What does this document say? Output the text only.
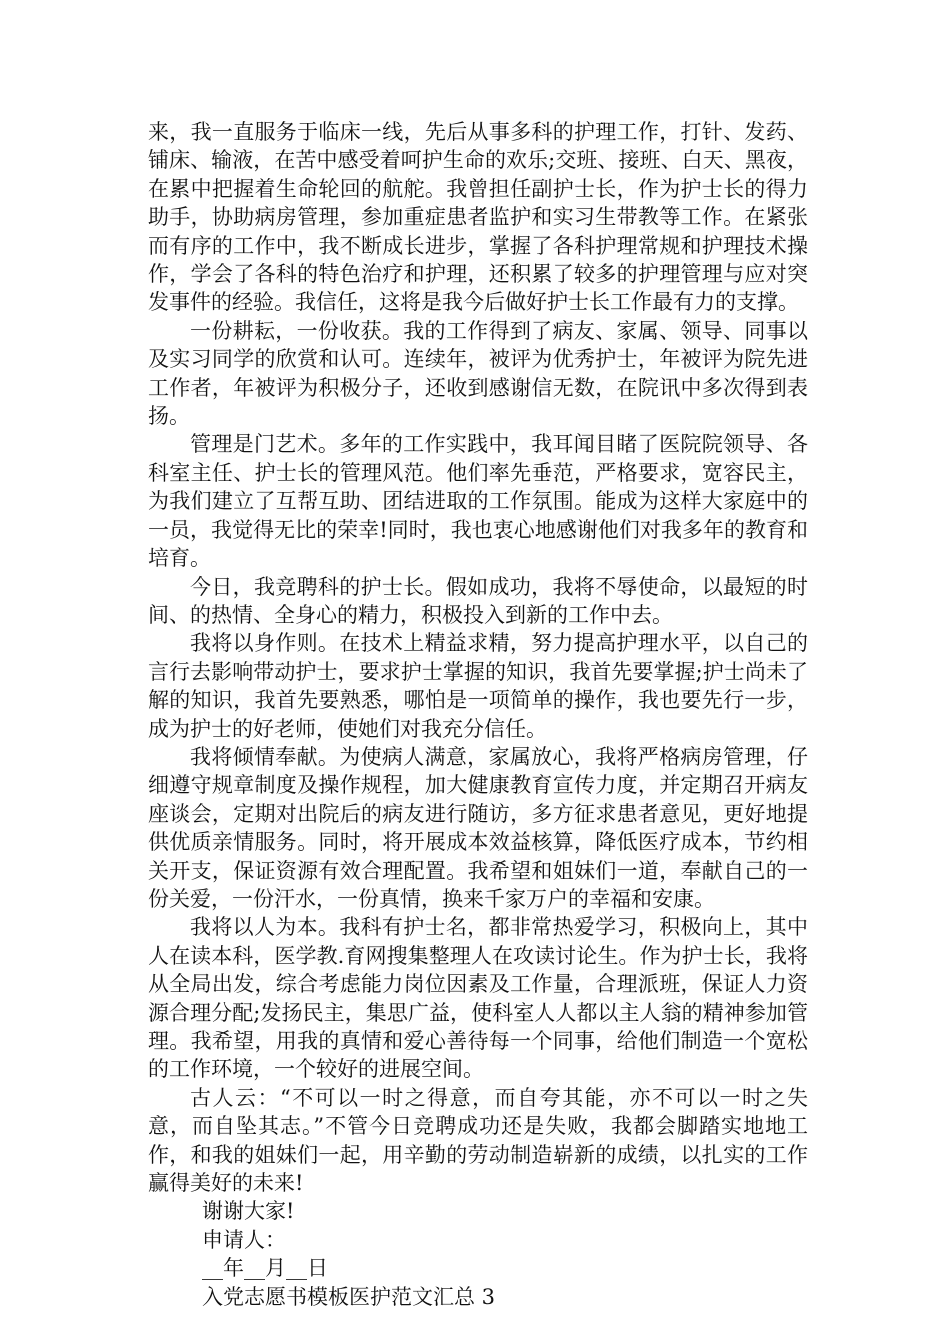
来，我一直服务于临床一线，先后从事多科的护理工作，打针、发药、铺床、输液，在苦中感受着呵护生命的欢乐;交班、接班、白天、黑夜，在累中把握着生命轮回的航舵。我曾担任副护士长，作为护士长的得力助手，协助病房管理，参加重症患者监护和实习生带教等工作。在紧张而有序的工作中，我不断成长进步，掌握了各科护理常规和护理技术操作，学会了各科的特色治疗和护理，还积累了较多的护理管理与应对突发事件的经验。我信任，这将是我今后做好护士长工作最有力的支撑。

一份耕耘，一份收获。我的工作得到了病友、家属、领导、同事以及实习同学的欣赏和认可。连续年，被评为优秀护士，年被评为院先进工作者，年被评为积极分子，还收到感谢信无数，在院讯中多次得到表扬。

管理是门艺术。多年的工作实践中，我耳闻目睹了医院院领导、各科室主任、护士长的管理风范。他们率先垂范，严格要求，宽容民主，为我们建立了互帮互助、团结进取的工作氛围。能成为这样大家庭中的一员，我觉得无比的荣幸!同时，我也衷心地感谢他们对我多年的教育和培育。

今日，我竞聘科的护士长。假如成功，我将不辱使命，以最短的时间、的热情、全身心的精力，积极投入到新的工作中去。

我将以身作则。在技术上精益求精，努力提高护理水平，以自己的言行去影响带动护士，要求护士掌握的知识，我首先要掌握;护士尚未了解的知识，我首先要熟悉，哪怕是一项简单的操作，我也要先行一步，成为护士的好老师，使她们对我充分信任。

我将倾情奉献。为使病人满意，家属放心，我将严格病房管理，仔细遵守规章制度及操作规程，加大健康教育宣传力度，并定期召开病友座谈会，定期对出院后的病友进行随访，多方征求患者意见，更好地提供优质亲情服务。同时，将开展成本效益核算，降低医疗成本，节约相关开支，保证资源有效合理配置。我希望和姐妹们一道，奉献自己的一份关爱，一份汗水，一份真情，换来千家万户的幸福和安康。

我将以人为本。我科有护士名，都非常热爱学习，积极向上，其中人在读本科，医学教.育网搜集整理人在攻读讨论生。作为护士长，我将从全局出发，综合考虑能力岗位因素及工作量，合理派班，保证人力资源合理分配;发扬民主，集思广益，使科室人人都以主人翁的精神参加管理。我希望，用我的真情和爱心善待每一个同事，给他们制造一个宽松的工作环境，一个较好的进展空间。

古人云：“不可以一时之得意，而自夸其能，亦不可以一时之失意，而自坠其志。”不管今日竞聘成功还是失败，我都会脚踏实地地工作，和我的姐妹们一起，用辛勤的劳动制造崭新的成绩，以扎实的工作赢得美好的未来!

谢谢大家!

申请人：

__年__月__日

入党志愿书模板医护范文汇总 3
